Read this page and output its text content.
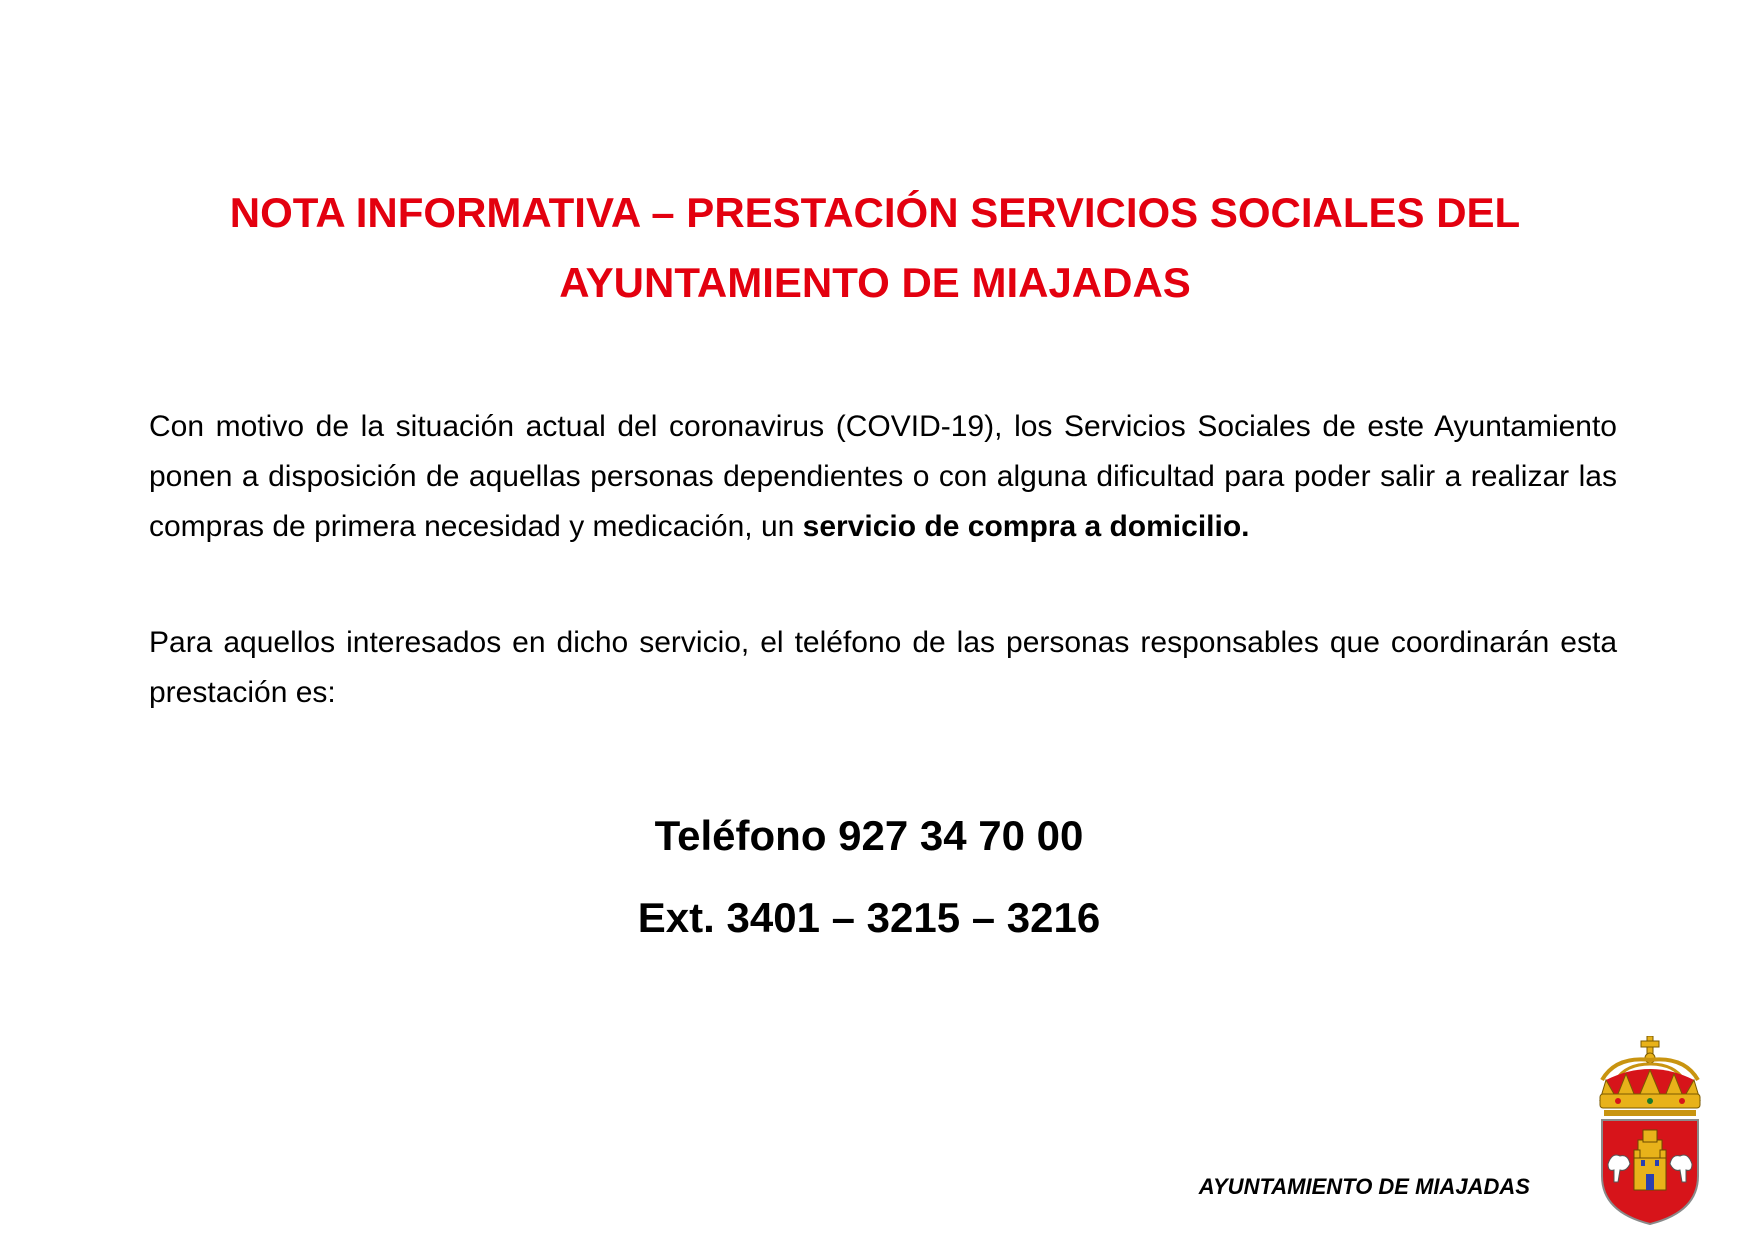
NOTA INFORMATIVA – PRESTACIÓN SERVICIOS SOCIALES DEL
AYUNTAMIENTO DE MIAJADAS

Con motivo de la situación actual del coronavirus (COVID-19), los Servicios Sociales de este Ayuntamiento ponen a disposición de aquellas personas dependientes o con alguna dificultad para poder salir a realizar las compras de primera necesidad y medicación, un servicio de compra a domicilio.

Para aquellos interesados en dicho servicio, el teléfono de las personas responsables que coordinarán esta prestación es:

Teléfono 927 34 70 00
Ext. 3401 – 3215 – 3216
AYUNTAMIENTO DE MIAJADAS
